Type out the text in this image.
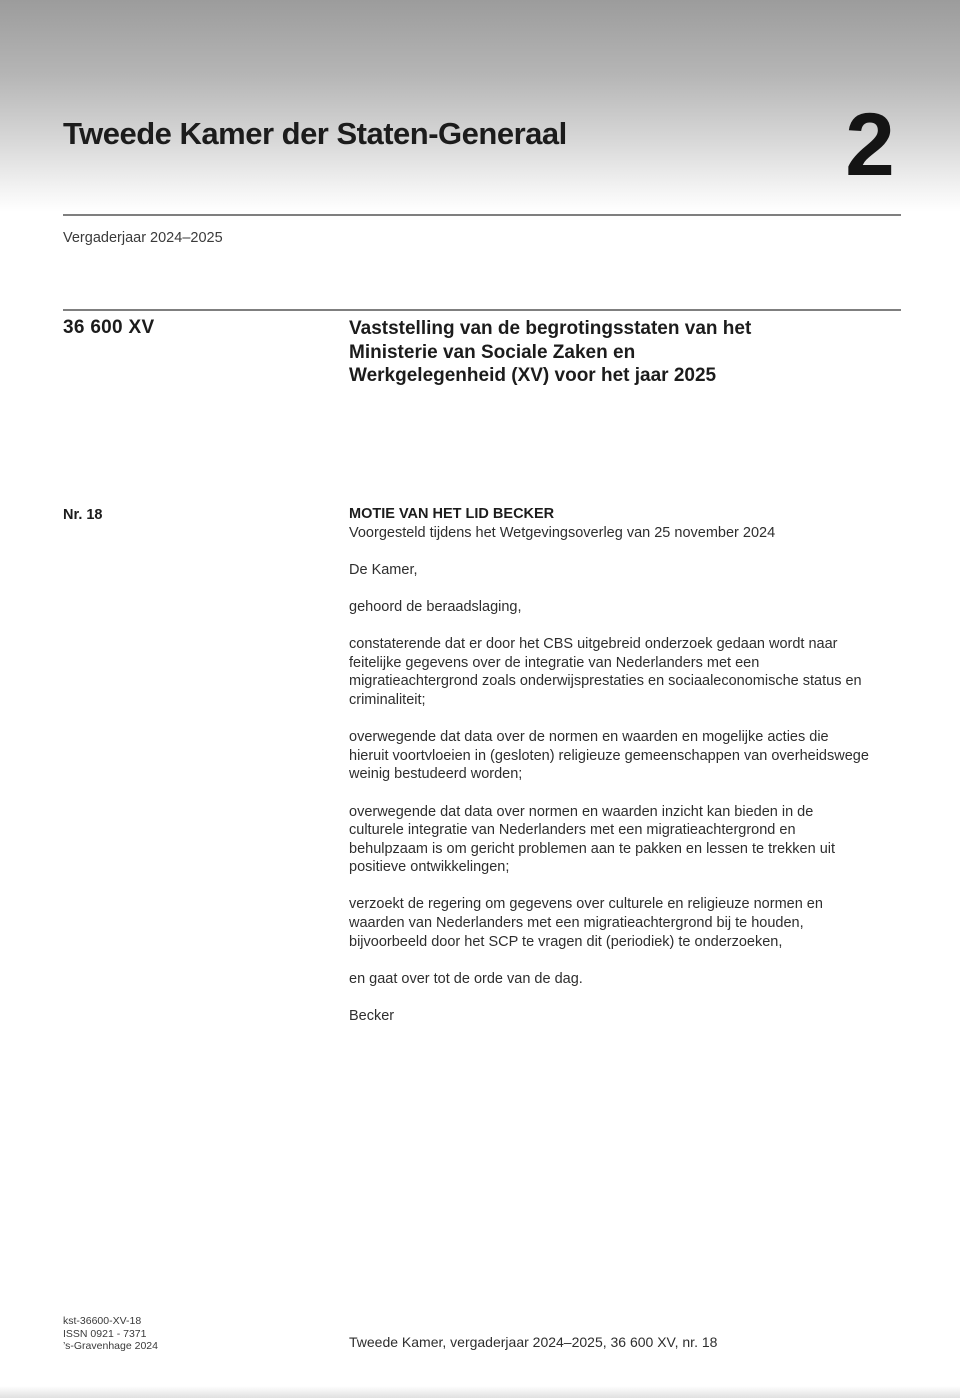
Tweede Kamer der Staten-Generaal	2
Vergaderjaar 2024–2025
36 600 XV	Vaststelling van de begrotingsstaten van het
Ministerie van Sociale Zaken en
Werkgelegenheid (XV) voor het jaar 2025
Nr. 18	MOTIE VAN HET LID BECKER
Voorgesteld tijdens het Wetgevingsoverleg van 25 november 2024

De Kamer,

gehoord de beraadslaging,

constaterende dat er door het CBS uitgebreid onderzoek gedaan wordt naar feitelijke gegevens over de integratie van Nederlanders met een migratieachtergrond zoals onderwijsprestaties en sociaaleconomische status en criminaliteit;

overwegende dat data over de normen en waarden en mogelijke acties die hieruit voortvloeien in (gesloten) religieuze gemeenschappen van overheidswege weinig bestudeerd worden;

overwegende dat data over normen en waarden inzicht kan bieden in de culturele integratie van Nederlanders met een migratieachtergrond en behulpzaam is om gericht problemen aan te pakken en lessen te trekken uit positieve ontwikkelingen;

verzoekt de regering om gegevens over culturele en religieuze normen en waarden van Nederlanders met een migratieachtergrond bij te houden, bijvoorbeeld door het SCP te vragen dit (periodiek) te onderzoeken,

en gaat over tot de orde van de dag.

Becker

kst-36600-XV-18
ISSN 0921 - 7371
’s-Gravenhage 2024	Tweede Kamer, vergaderjaar 2024–2025, 36 600 XV, nr. 18
